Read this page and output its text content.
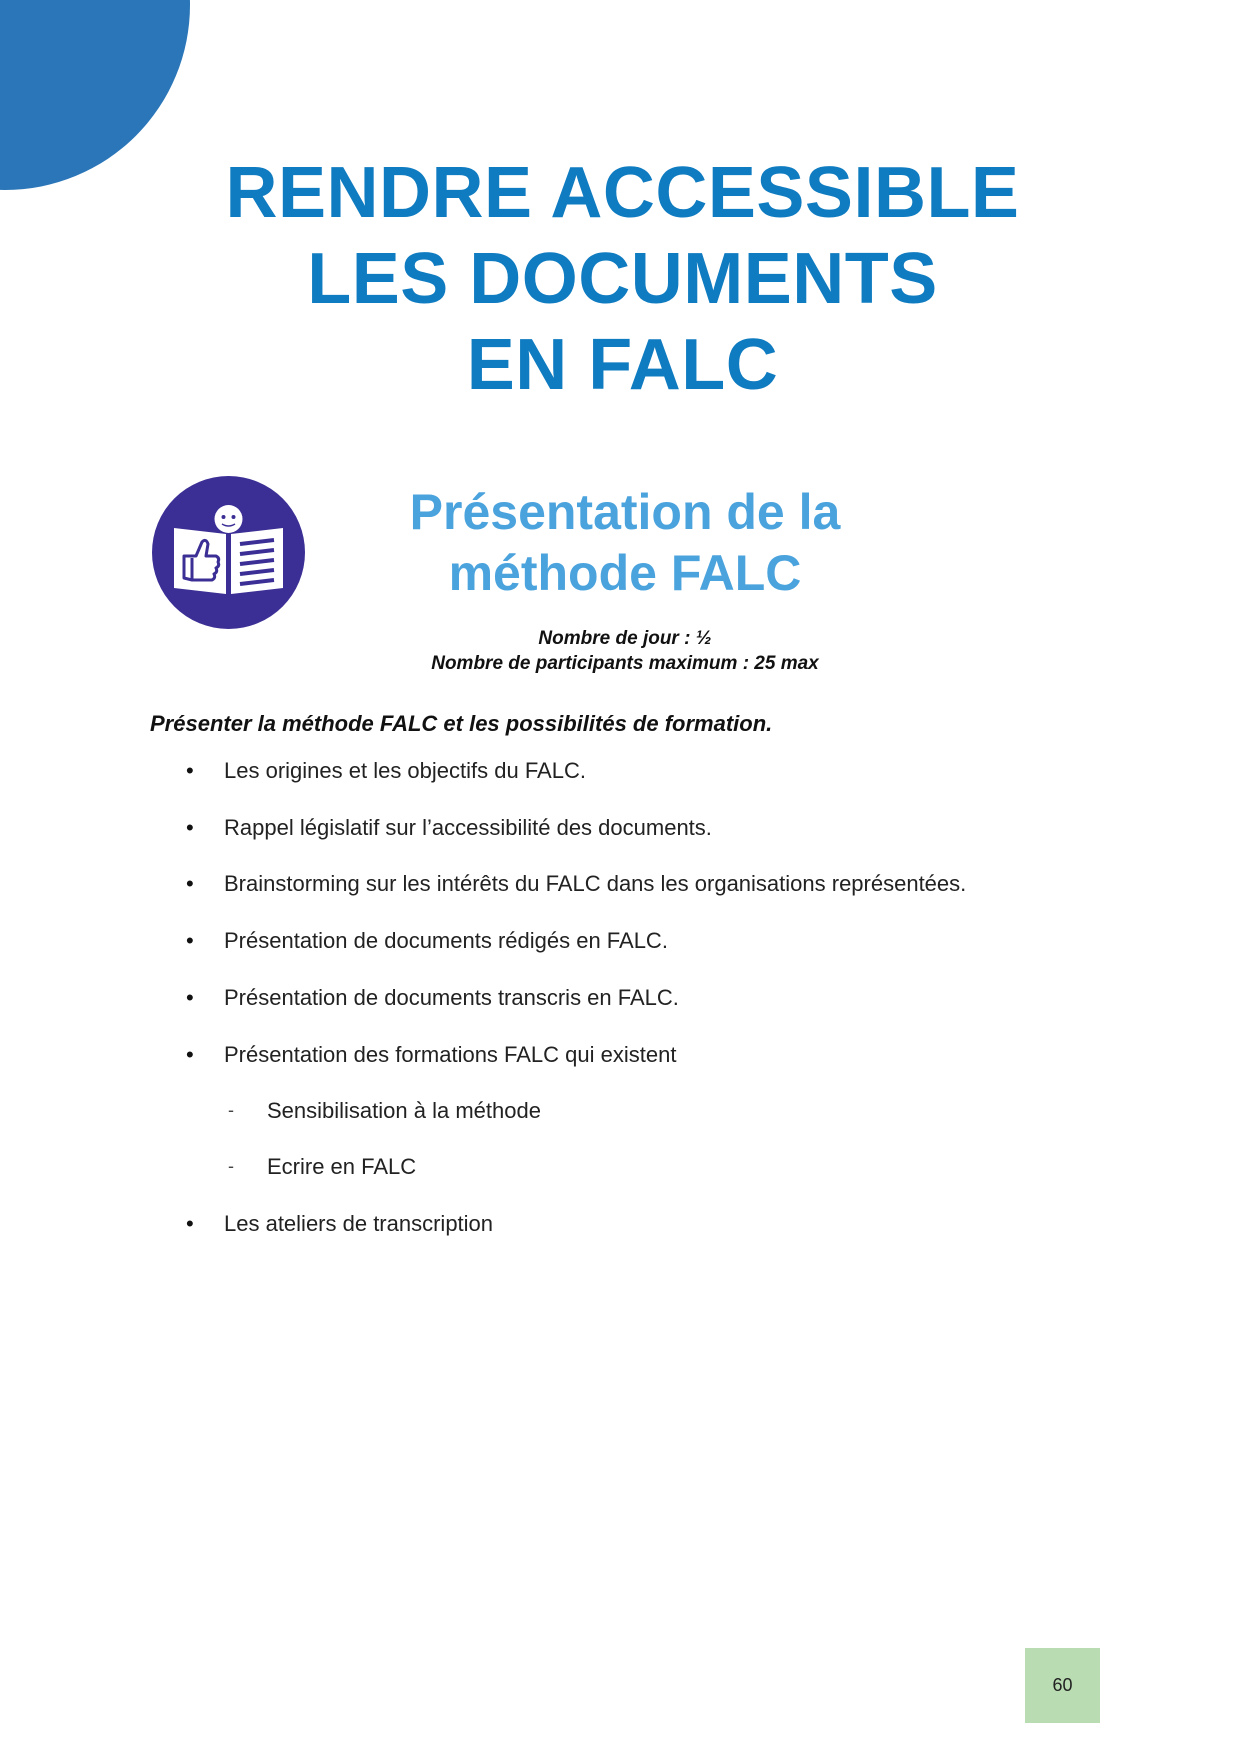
RENDRE ACCESSIBLE
LES DOCUMENTS
EN FALC
Présentation de la
méthode FALC
Nombre de jour : ½
Nombre de participants maximum : 25 max
Présenter la méthode FALC et les possibilités de formation.
• Les origines et les objectifs du FALC.
• Rappel législatif sur l’accessibilité des documents.
• Brainstorming sur les intérêts du FALC dans les organisations représentées.
• Présentation de documents rédigés en FALC.
• Présentation de documents transcris en FALC.
• Présentation des formations FALC qui existent
- Sensibilisation à la méthode
- Ecrire en FALC
• Les ateliers de transcription
60
